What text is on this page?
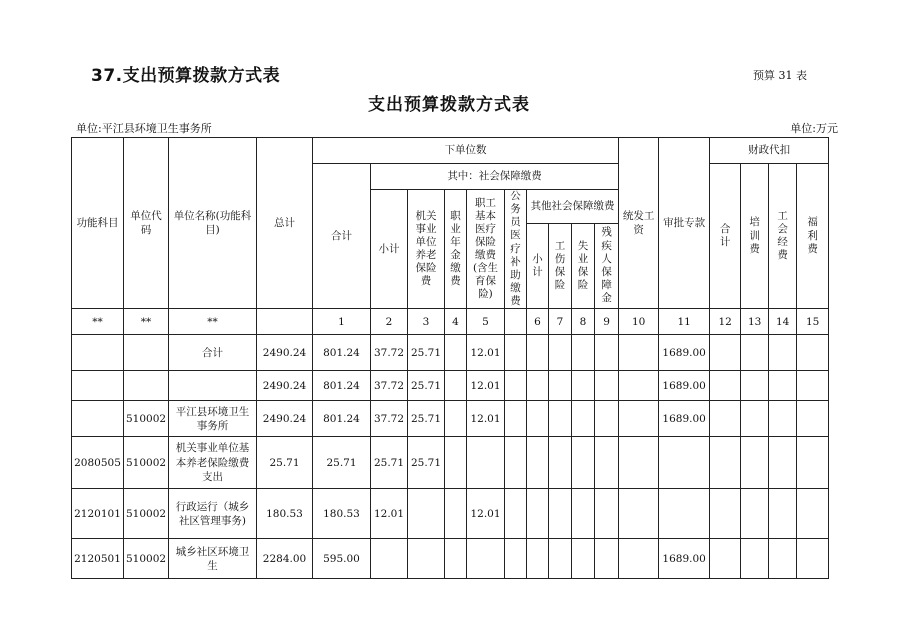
37.支出预算拨款方式表	预算 31 表
支出预算拨款方式表
单位:平江县环境卫生事务所	单位:万元
功能科目	单位代码	单位名称(功能科目)	总计	下单位数										统发工资	审批专款	财政代扣			
				合计	其中：社会保障缴费											合计	培训费	工会经费	福利费
					小计	机关事业单位养老保险费	职业年金缴费	职工基本医疗保险缴费(含生育保险)	公务员医疗补助缴费	其他社会保障缴费									
										小计	工伤保险	失业保险	残疾人保障金						
**	**	**		1	2	3	4	5		6	7	8	9	10	11	12	13	14	15
		合计	2490.24	801.24	37.72	25.71		12.01							1689.00				
			2490.24	801.24	37.72	25.71		12.01							1689.00				
	510002	平江县环境卫生事务所	2490.24	801.24	37.72	25.71		12.01							1689.00				
2080505	510002	机关事业单位基本养老保险缴费支出	25.71	25.71	25.71	25.71													
2120101	510002	行政运行（城乡社区管理事务)	180.53	180.53	12.01			12.01											
2120501	510002	城乡社区环境卫生	2284.00	595.00											1689.00				
